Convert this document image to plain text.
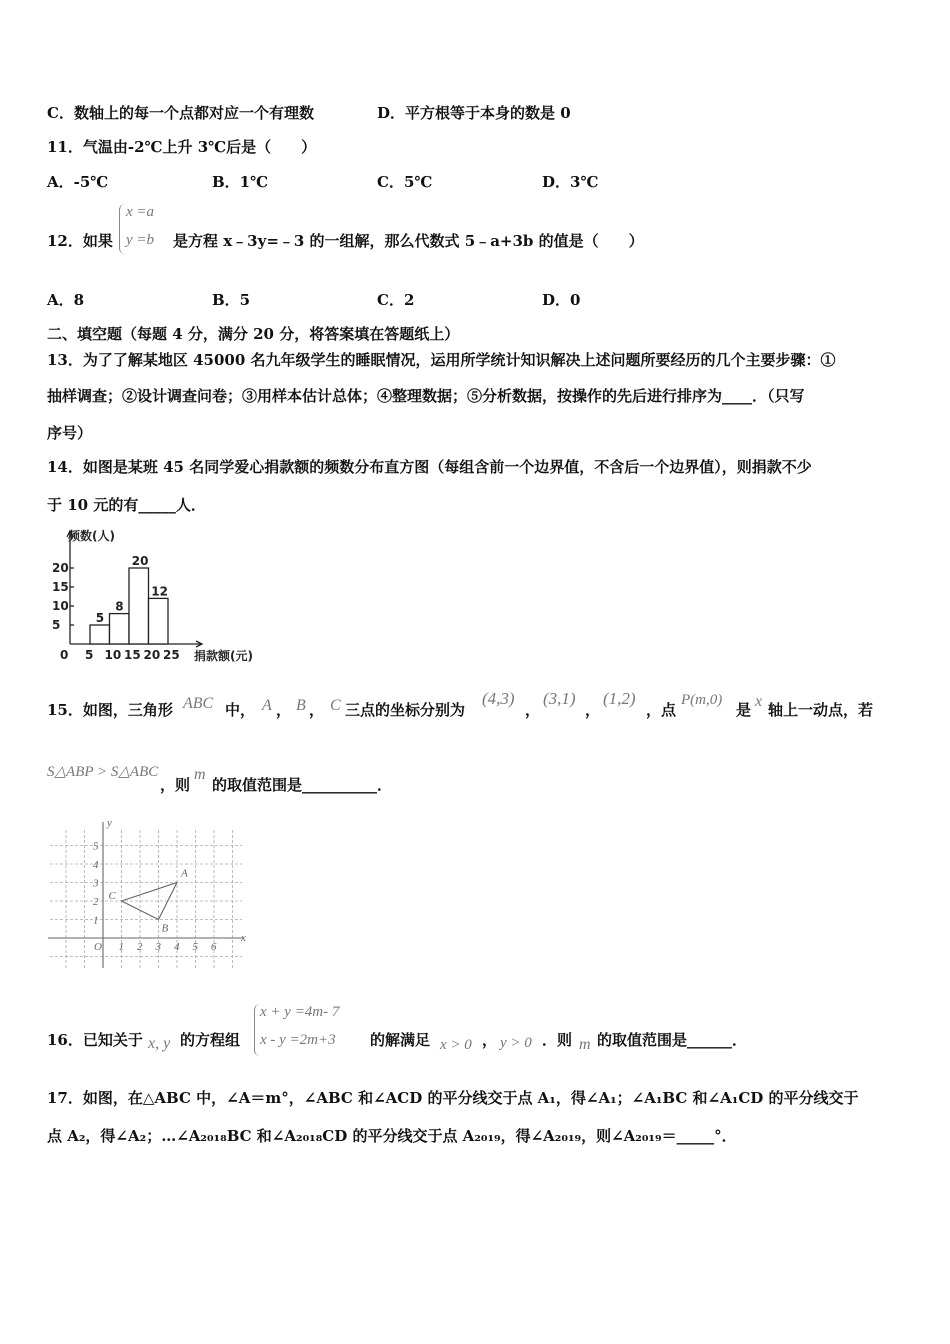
C．数轴上的每一个点都对应一个有理数	D．平方根等于本身的数是 0
11．气温由-2℃上升 3℃后是（　　）
A．-5℃	B．1℃	C．5℃	D．3℃
12．如果
x =a
y =b 是方程 x﹣3y=﹣3 的一组解，那么代数式 5﹣a+3b 的值是（　　）
A．8	B．5	C．2	D．0
二、填空题（每题 4 分，满分 20 分，将答案填在答题纸上）
13．为了了解某地区 45000 名九年级学生的睡眠情况，运用所学统计知识解决上述问题所要经历的几个主要步骤：①
抽样调查；②设计调查问卷；③用样本估计总体；④整理数据；⑤分析数据，按操作的先后进行排序为____．（只写
序号）
14．如图是某班 45 名同学爱心捐款额的频数分布直方图（每组含前一个边界值，不含后一个边界值），则捐款不少
于 10 元的有_____人．
频数(人)
捐款额(元)
5
10
15
20
0 5 10 15 20 25
5
8
20
12
15．如图，三角形 ABC 中， A ， B ， C 三点的坐标分别为
(4,3)
，
(3,1)
，
(1,2)
，点
P(m,0)
是 x 轴上一动点，若
S△ABP > S△ABC
，则
m
的取值范围是__________．
y
x
O
A
B
C
1 2 3 4 5 6
1
2
3
4
5
16．已知关于 x, y 的方程组
x + y =4m- 7
x - y =2m+3 的解满足 x > 0 ， y > 0 ．则 m 的取值范围是______．
17．如图，在△ABC 中，∠A＝m°，∠ABC 和∠ACD 的平分线交于点 A₁，得∠A₁；∠A₁BC 和∠A₁CD 的平分线交于
点 A₂，得∠A₂；…∠A₂₀₁₈BC 和∠A₂₀₁₈CD 的平分线交于点 A₂₀₁₉，得∠A₂₀₁₉，则∠A₂₀₁₉＝_____°．
